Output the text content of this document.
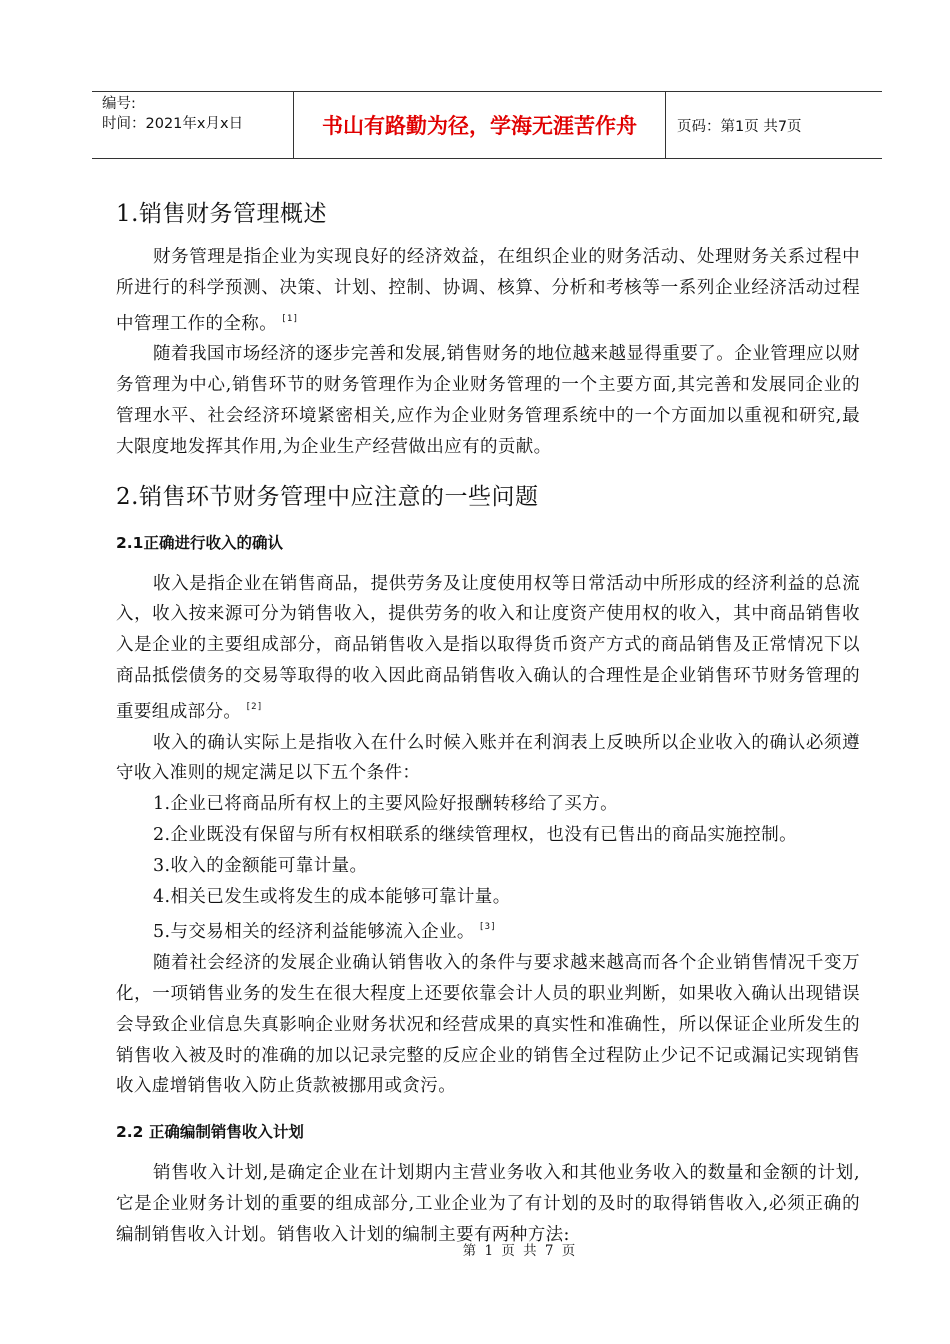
编号:
时间：2021年x月x日	书山有路勤为径，学海无涯苦作舟	页码：第1页 共7页
1.销售财务管理概述

财务管理是指企业为实现良好的经济效益，在组织企业的财务活动、处理财务关系过程中所进行的科学预测、决策、计划、控制、协调、核算、分析和考核等一系列企业经济活动过程中管理工作的全称。 [1]

随着我国市场经济的逐步完善和发展,销售财务的地位越来越显得重要了。企业管理应以财务管理为中心,销售环节的财务管理作为企业财务管理的一个主要方面,其完善和发展同企业的管理水平、社会经济环境紧密相关,应作为企业财务管理系统中的一个方面加以重视和研究,最大限度地发挥其作用,为企业生产经营做出应有的贡献。

2.销售环节财务管理中应注意的一些问题
2.1正确进行收入的确认

收入是指企业在销售商品，提供劳务及让度使用权等日常活动中所形成的经济利益的总流入，收入按来源可分为销售收入，提供劳务的收入和让度资产使用权的收入，其中商品销售收入是企业的主要组成部分，商品销售收入是指以取得货币资产方式的商品销售及正常情况下以商品抵偿债务的交易等取得的收入因此商品销售收入确认的合理性是企业销售环节财务管理的重要组成部分。 [2]

收入的确认实际上是指收入在什么时候入账并在利润表上反映所以企业收入的确认必须遵守收入准则的规定满足以下五个条件：

1.企业已将商品所有权上的主要风险好报酬转移给了买方。

2.企业既没有保留与所有权相联系的继续管理权，也没有已售出的商品实施控制。

3.收入的金额能可靠计量。

4.相关已发生或将发生的成本能够可靠计量。

5.与交易相关的经济利益能够流入企业。 [3]

随着社会经济的发展企业确认销售收入的条件与要求越来越高而各个企业销售情况千变万化，一项销售业务的发生在很大程度上还要依靠会计人员的职业判断，如果收入确认出现错误会导致企业信息失真影响企业财务状况和经营成果的真实性和准确性，所以保证企业所发生的销售收入被及时的准确的加以记录完整的反应企业的销售全过程防止少记不记或漏记实现销售收入虚增销售收入防止货款被挪用或贪污。

2.2 正确编制销售收入计划

销售收入计划,是确定企业在计划期内主营业务收入和其他业务收入的数量和金额的计划,它是企业财务计划的重要的组成部分,工业企业为了有计划的及时的取得销售收入,必须正确的编制销售收入计划。销售收入计划的编制主要有两种方法:

第 1 页 共 7 页
